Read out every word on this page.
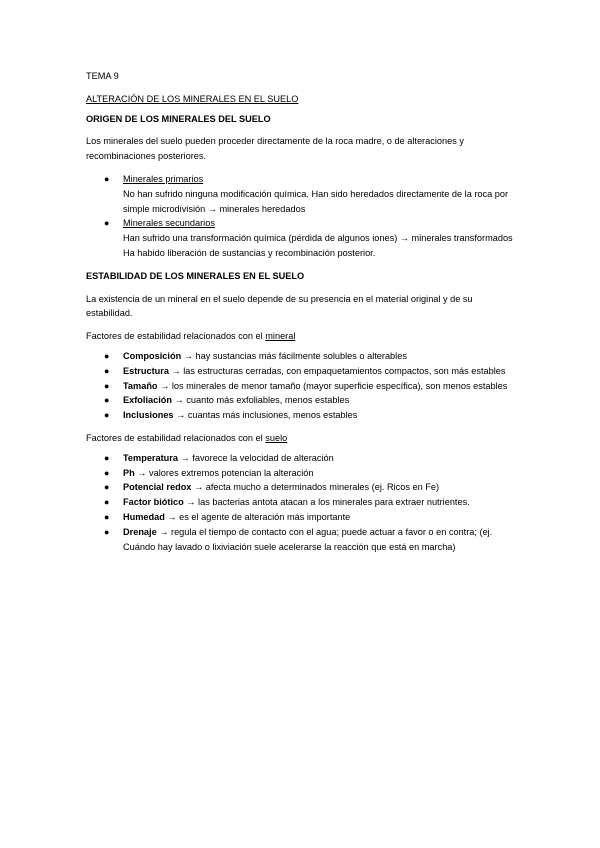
TEMA 9
ALTERACIÓN DE LOS MINERALES EN EL SUELO
ORIGEN DE LOS MINERALES DEL SUELO
Los minerales del suelo pueden proceder directamente de la roca madre, o de alteraciones y recombinaciones posteriores.
● Minerales primarios
No han sufrido ninguna modificación química. Han sido heredados directamente de la roca por simple microdivisión → minerales heredados
● Minerales secundarios
Han sufrido una transformación química (pérdida de algunos iones) → minerales transformados
Ha habido liberación de sustancias y recombinación posterior.
ESTABILIDAD DE LOS MINERALES EN EL SUELO
La existencia de un mineral en el suelo depende de su presencia en el material original y de su estabilidad.
Factores de estabilidad relacionados con el mineral
● Composición → hay sustancias más fácilmente solubles o alterables
● Estructura → las estructuras cerradas, con empaquetamientos compactos, son más estables
● Tamaño → los minerales de menor tamaño (mayor superficie específica), son menos estables
● Exfoliación → cuanto más exfoliables, menos estables
● Inclusiones → cuantas más inclusiones, menos estables
Factores de estabilidad relacionados con el suelo
● Temperatura → favorece la velocidad de alteración
● Ph → valores extremos potencian la alteración
● Potencial redox → afecta mucho a determinados minerales (ej. Ricos en Fe)
● Factor biótico → las bacterias antota atacan a los minerales para extraer nutrientes.
● Humedad → es el agente de alteración más importante
● Drenaje → regula el tiempo de contacto con el agua; puede actuar a favor o en contra; (ej. Cuándo hay lavado o lixiviación suele acelerarse la reacción que está en marcha)
